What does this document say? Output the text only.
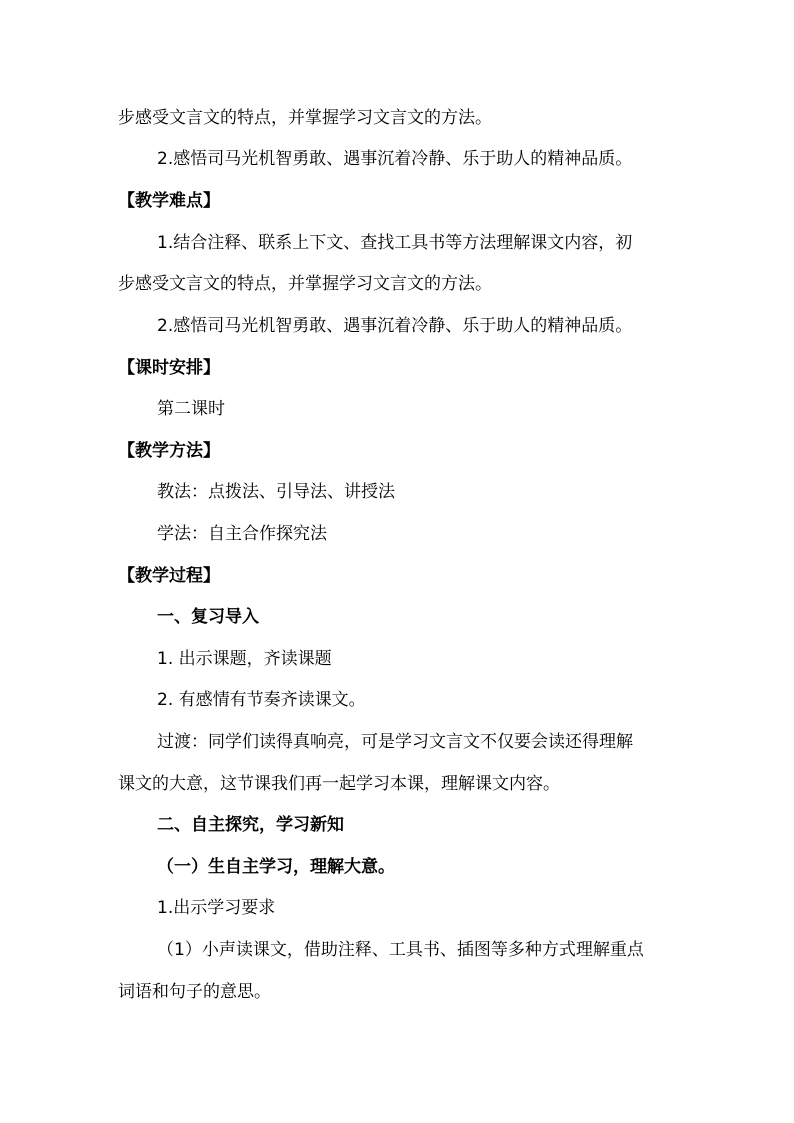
步感受文言文的特点，并掌握学习文言文的方法。
2.感悟司马光机智勇敢、遇事沉着冷静、乐于助人的精神品质。
【教学难点】
1.结合注释、联系上下文、查找工具书等方法理解课文内容，初
步感受文言文的特点，并掌握学习文言文的方法。
2.感悟司马光机智勇敢、遇事沉着冷静、乐于助人的精神品质。
【课时安排】
第二课时
【教学方法】
教法：点拨法、引导法、讲授法
学法：自主合作探究法
【教学过程】
一、复习导入
1. 出示课题，齐读课题
2. 有感情有节奏齐读课文。
过渡：同学们读得真响亮，可是学习文言文不仅要会读还得理解
课文的大意，这节课我们再一起学习本课，理解课文内容。
二、自主探究，学习新知
（一）生自主学习，理解大意。
1.出示学习要求
（1）小声读课文，借助注释、工具书、插图等多种方式理解重点
词语和句子的意思。
